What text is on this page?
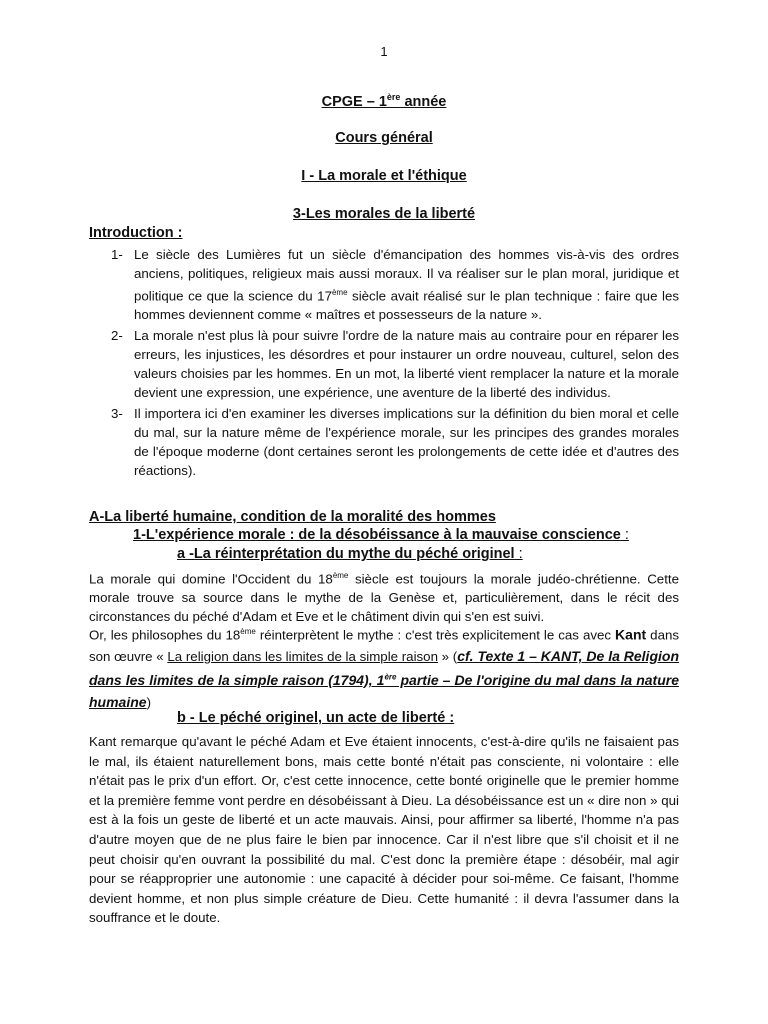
1
CPGE – 1ère année
Cours général
I - La morale et l'éthique
3-Les morales de la liberté
Introduction :
1- Le siècle des Lumières fut un siècle d'émancipation des hommes vis-à-vis des ordres anciens, politiques, religieux mais aussi moraux. Il va réaliser sur le plan moral, juridique et politique ce que la science du 17ème siècle avait réalisé sur le plan technique : faire que les hommes deviennent comme « maîtres et possesseurs de la nature ».
2- La morale n'est plus là pour suivre l'ordre de la nature mais au contraire pour en réparer les erreurs, les injustices, les désordres et pour instaurer un ordre nouveau, culturel, selon des valeurs choisies par les hommes. En un mot, la liberté vient remplacer la nature et la morale devient une expression, une expérience, une aventure de la liberté des individus.
3- Il importera ici d'en examiner les diverses implications sur la définition du bien moral et celle du mal, sur la nature même de l'expérience morale, sur les principes des grandes morales de l'époque moderne (dont certaines seront les prolongements de cette idée et d'autres des réactions).
A-La liberté humaine, condition de la moralité des hommes
1-L'expérience morale : de la désobéissance à la mauvaise conscience :
a -La réinterprétation du mythe du péché originel :
La morale qui domine l'Occident du 18ème siècle est toujours la morale judéo-chrétienne. Cette morale trouve sa source dans le mythe de la Genèse et, particulièrement, dans le récit des circonstances du péché d'Adam et Eve et le châtiment divin qui s'en est suivi.
Or, les philosophes du 18ème réinterprètent le mythe : c'est très explicitement le cas avec Kant dans son œuvre « La religion dans les limites de la simple raison » (cf. Texte 1 – KANT, De la Religion dans les limites de la simple raison (1794), 1ère partie – De l'origine du mal dans la nature humaine)
b - Le péché originel, un acte de liberté :
Kant remarque qu'avant le péché Adam et Eve étaient innocents, c'est-à-dire qu'ils ne faisaient pas le mal, ils étaient naturellement bons, mais cette bonté n'était pas consciente, ni volontaire : elle n'était pas le prix d'un effort. Or, c'est cette innocence, cette bonté originelle que le premier homme et la première femme vont perdre en désobéissant à Dieu. La désobéissance est un « dire non » qui est à la fois un geste de liberté et un acte mauvais. Ainsi, pour affirmer sa liberté, l'homme n'a pas d'autre moyen que de ne plus faire le bien par innocence. Car il n'est libre que s'il choisit et il ne peut choisir qu'en ouvrant la possibilité du mal. C'est donc la première étape : désobéir, mal agir pour se réapproprier une autonomie : une capacité à décider pour soi-même. Ce faisant, l'homme devient homme, et non plus simple créature de Dieu. Cette humanité : il devra l'assumer dans la souffrance et le doute.
